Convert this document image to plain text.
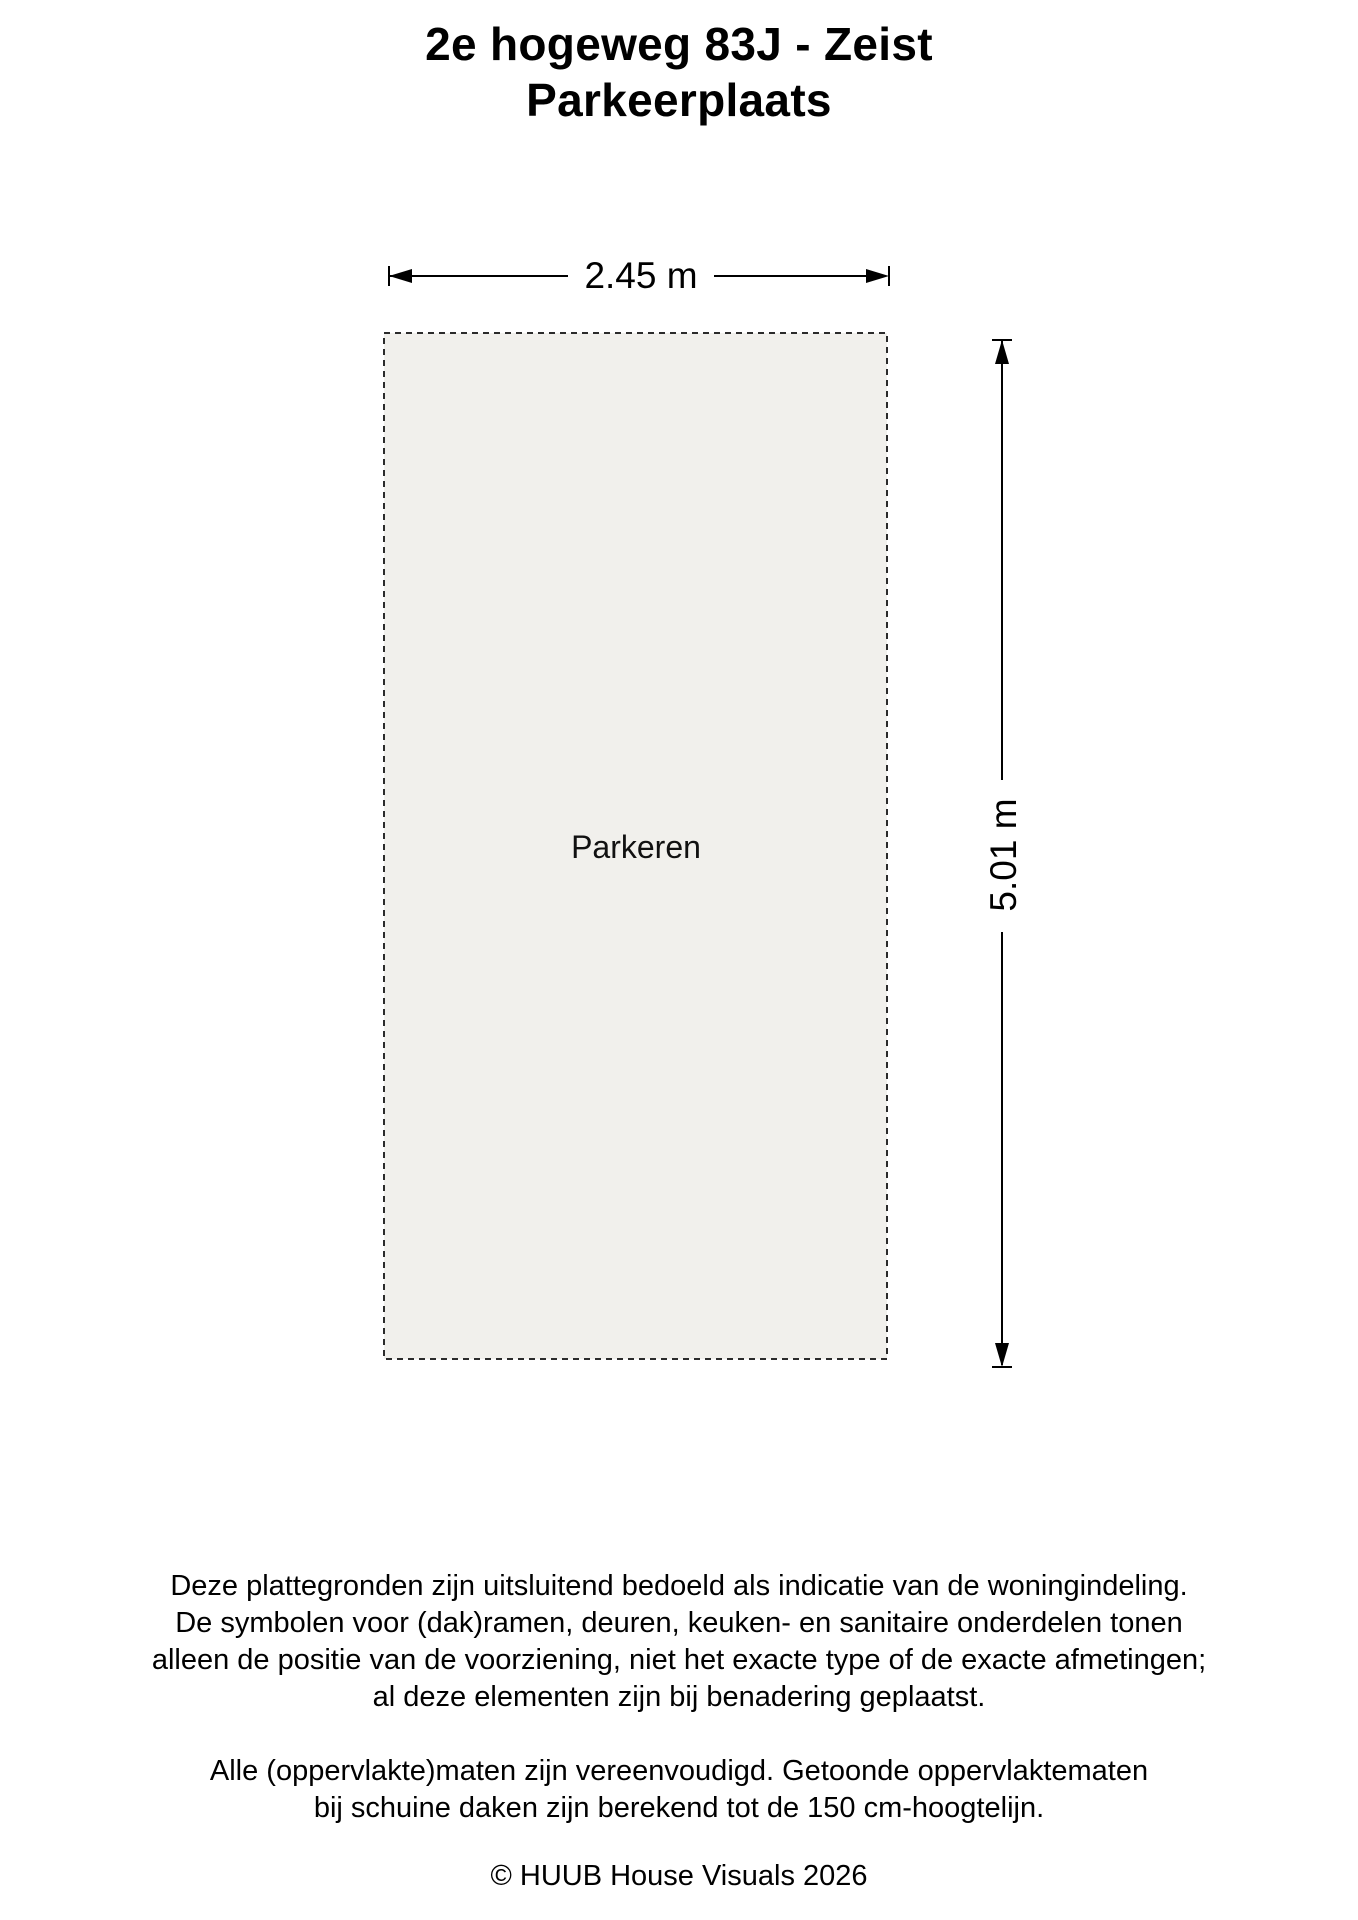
2e hogeweg 83J - Zeist
Parkeerplaats
Parkeren
2.45 m
5.01 m

Deze plattegronden zijn uitsluitend bedoeld als indicatie van de woningindeling.

De symbolen voor (dak)ramen, deuren, keuken- en sanitaire onderdelen tonen

alleen de positie van de voorziening, niet het exacte type of de exacte afmetingen;

al deze elementen zijn bij benadering geplaatst.

Alle (oppervlakte)maten zijn vereenvoudigd. Getoonde oppervlaktematen

bij schuine daken zijn berekend tot de 150 cm-hoogtelijn.

© HUUB House Visuals 2026
